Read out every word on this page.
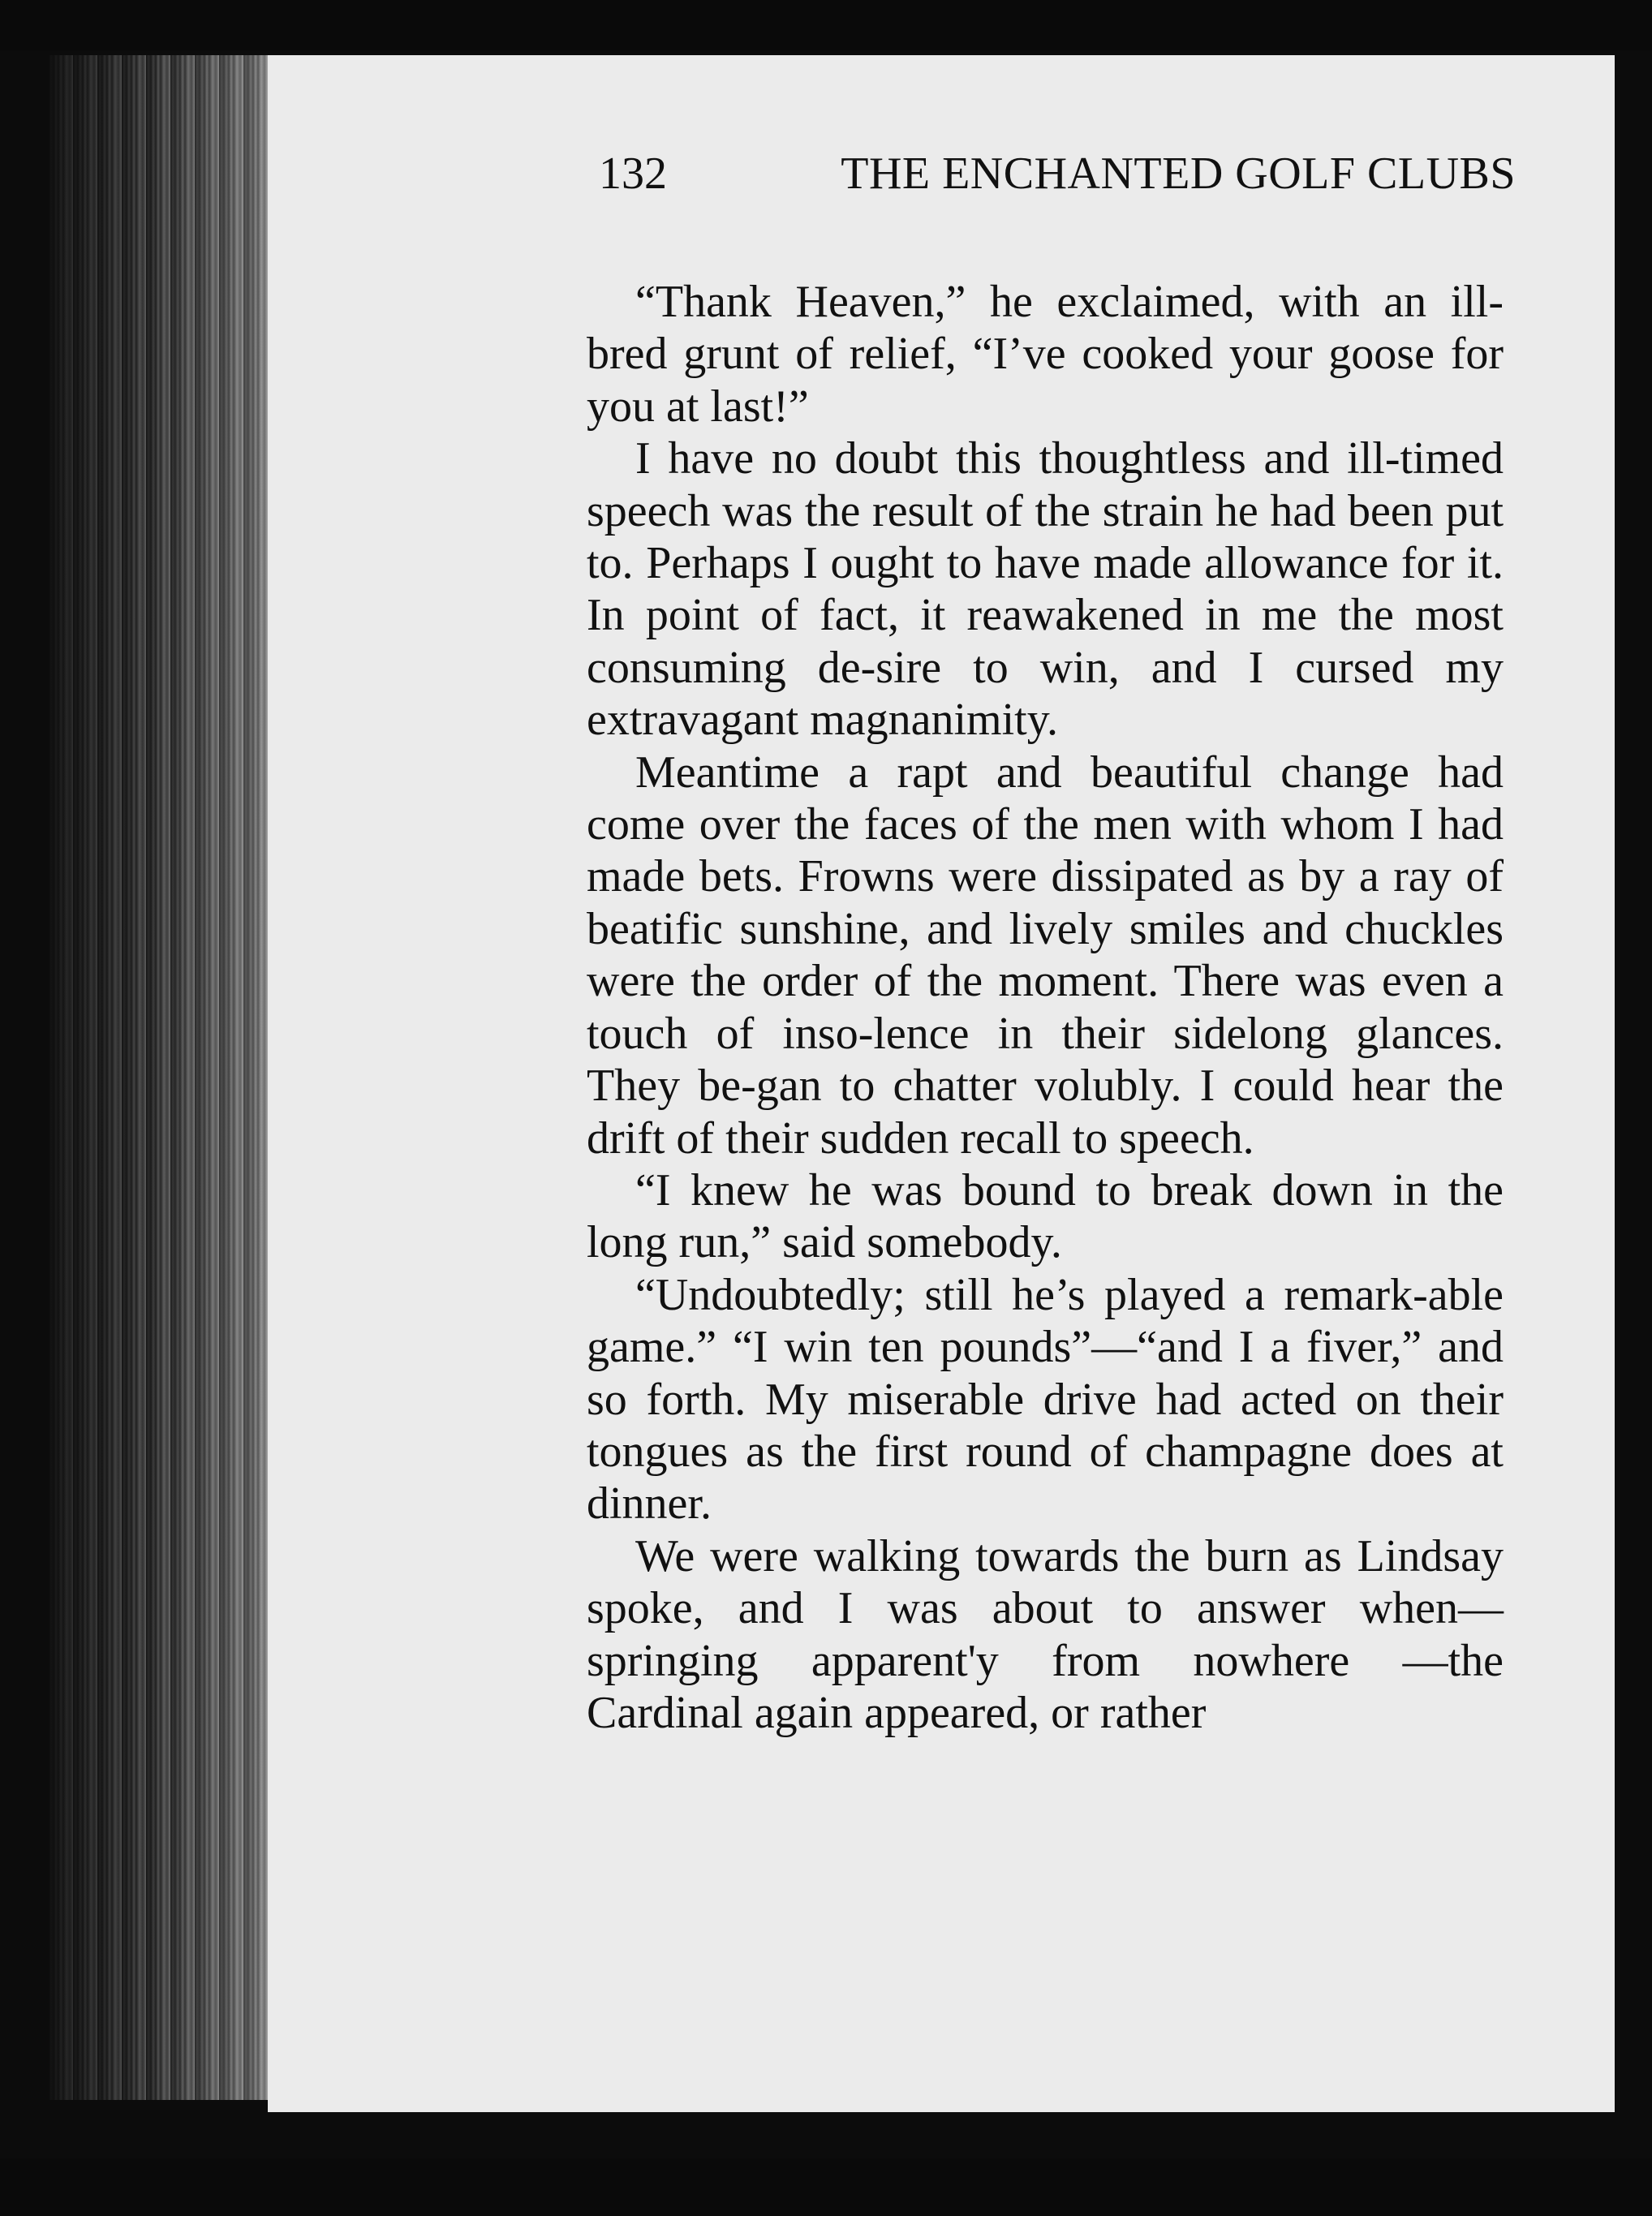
132	THE ENCHANTED GOLF CLUBS

“Thank Heaven,” he exclaimed, with an ill-bred grunt of relief, “I’ve cooked your goose for you at last!”

I have no doubt this thoughtless and ill-timed speech was the result of the strain he had been put to. Perhaps I ought to have made allowance for it. In point of fact, it reawakened in me the most consuming de-sire to win, and I cursed my extravagant magnanimity.

Meantime a rapt and beautiful change had come over the faces of the men with whom I had made bets. Frowns were dissipated as by a ray of beatific sunshine, and lively smiles and chuckles were the order of the moment. There was even a touch of inso-lence in their sidelong glances. They be-gan to chatter volubly. I could hear the drift of their sudden recall to speech.

“I knew he was bound to break down in the long run,” said somebody.

“Undoubtedly; still he’s played a remark-able game.” “I win ten pounds”—“and I a fiver,” and so forth. My miserable drive had acted on their tongues as the first round of champagne does at dinner.

We were walking towards the burn as Lindsay spoke, and I was about to answer when—springing apparent'y from nowhere —the Cardinal again appeared, or rather
